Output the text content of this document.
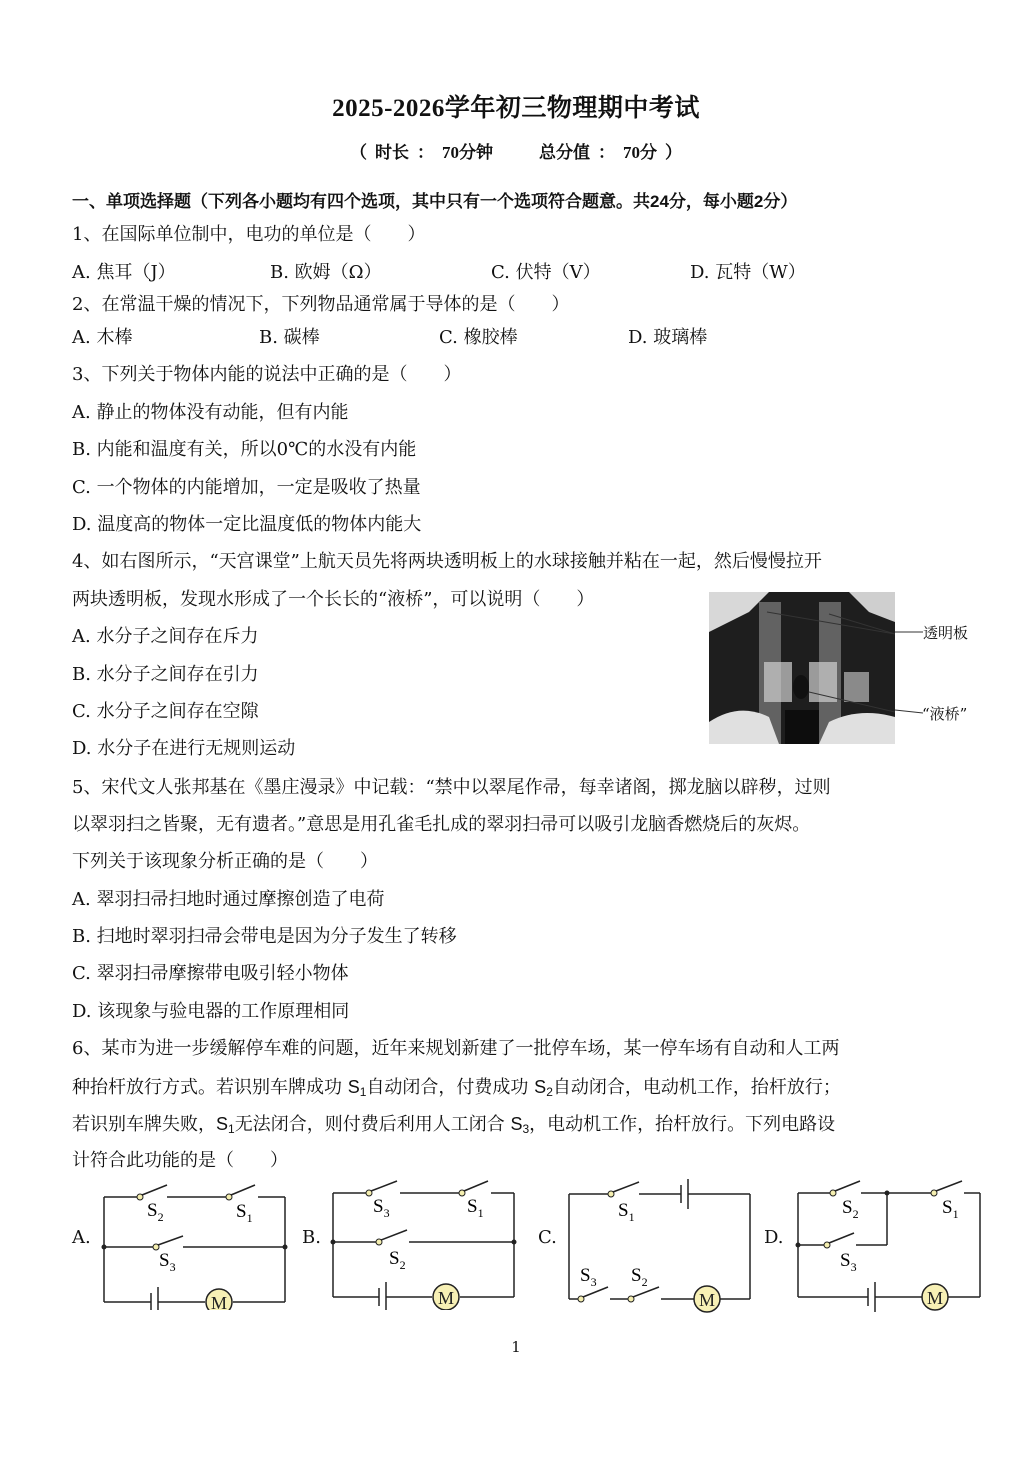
2025-2026学年初三物理期中考试
（ 时长 ： 70分钟	总分值 ： 70分 ）
一、单项选择题（下列各小题均有四个选项，其中只有一个选项符合题意。共24分，每小题2分）
1、在国际单位制中，电功的单位是（　　）
A. 焦耳（J）	B. 欧姆（Ω）	C. 伏特（V）	D. 瓦特（W）
2、在常温干燥的情况下，下列物品通常属于导体的是（　　）
A. 木棒	B. 碳棒	C. 橡胶棒	D. 玻璃棒
3、下列关于物体内能的说法中正确的是（　　）
A. 静止的物体没有动能，但有内能
B. 内能和温度有关，所以0℃的水没有内能
C. 一个物体的内能增加，一定是吸收了热量
D. 温度高的物体一定比温度低的物体内能大
4、如右图所示，“天宫课堂”上航天员先将两块透明板上的水球接触并粘在一起，然后慢慢拉开
两块透明板，发现水形成了一个长长的“液桥”，可以说明（　　）
A. 水分子之间存在斥力
B. 水分子之间存在引力
C. 水分子之间存在空隙
D. 水分子在进行无规则运动
透明板
“液桥”
5、宋代文人张邦基在《墨庄漫录》中记载：“禁中以翠尾作帚，每幸诸阁，掷龙脑以辟秽，过则
以翠羽扫之皆聚，无有遗者。”意思是用孔雀毛扎成的翠羽扫帚可以吸引龙脑香燃烧后的灰烬。
下列关于该现象分析正确的是（　　）
A. 翠羽扫帚扫地时通过摩擦创造了电荷
B. 扫地时翠羽扫帚会带电是因为分子发生了转移
C. 翠羽扫帚摩擦带电吸引轻小物体
D. 该现象与验电器的工作原理相同
6、某市为进一步缓解停车难的问题，近年来规划新建了一批停车场，某一停车场有自动和人工两
种抬杆放行方式。若识别车牌成功 $S_1$自动闭合，付费成功 $S_2$自动闭合，电动机工作，抬杆放行；
若识别车牌失败，$S_1$无法闭合，则付费后利用人工闭合 $S_3$，电动机工作，抬杆放行。下列电路设
计符合此功能的是（　　）
A.
M
$S_2$	$S_1$
$S_3$
B.
M
$S_3$	$S_1$
$S_2$
C.
M
$S_1$
$S_3$ $S_2$
D.
M
$S_2$	$S_1$
$S_3$
1
